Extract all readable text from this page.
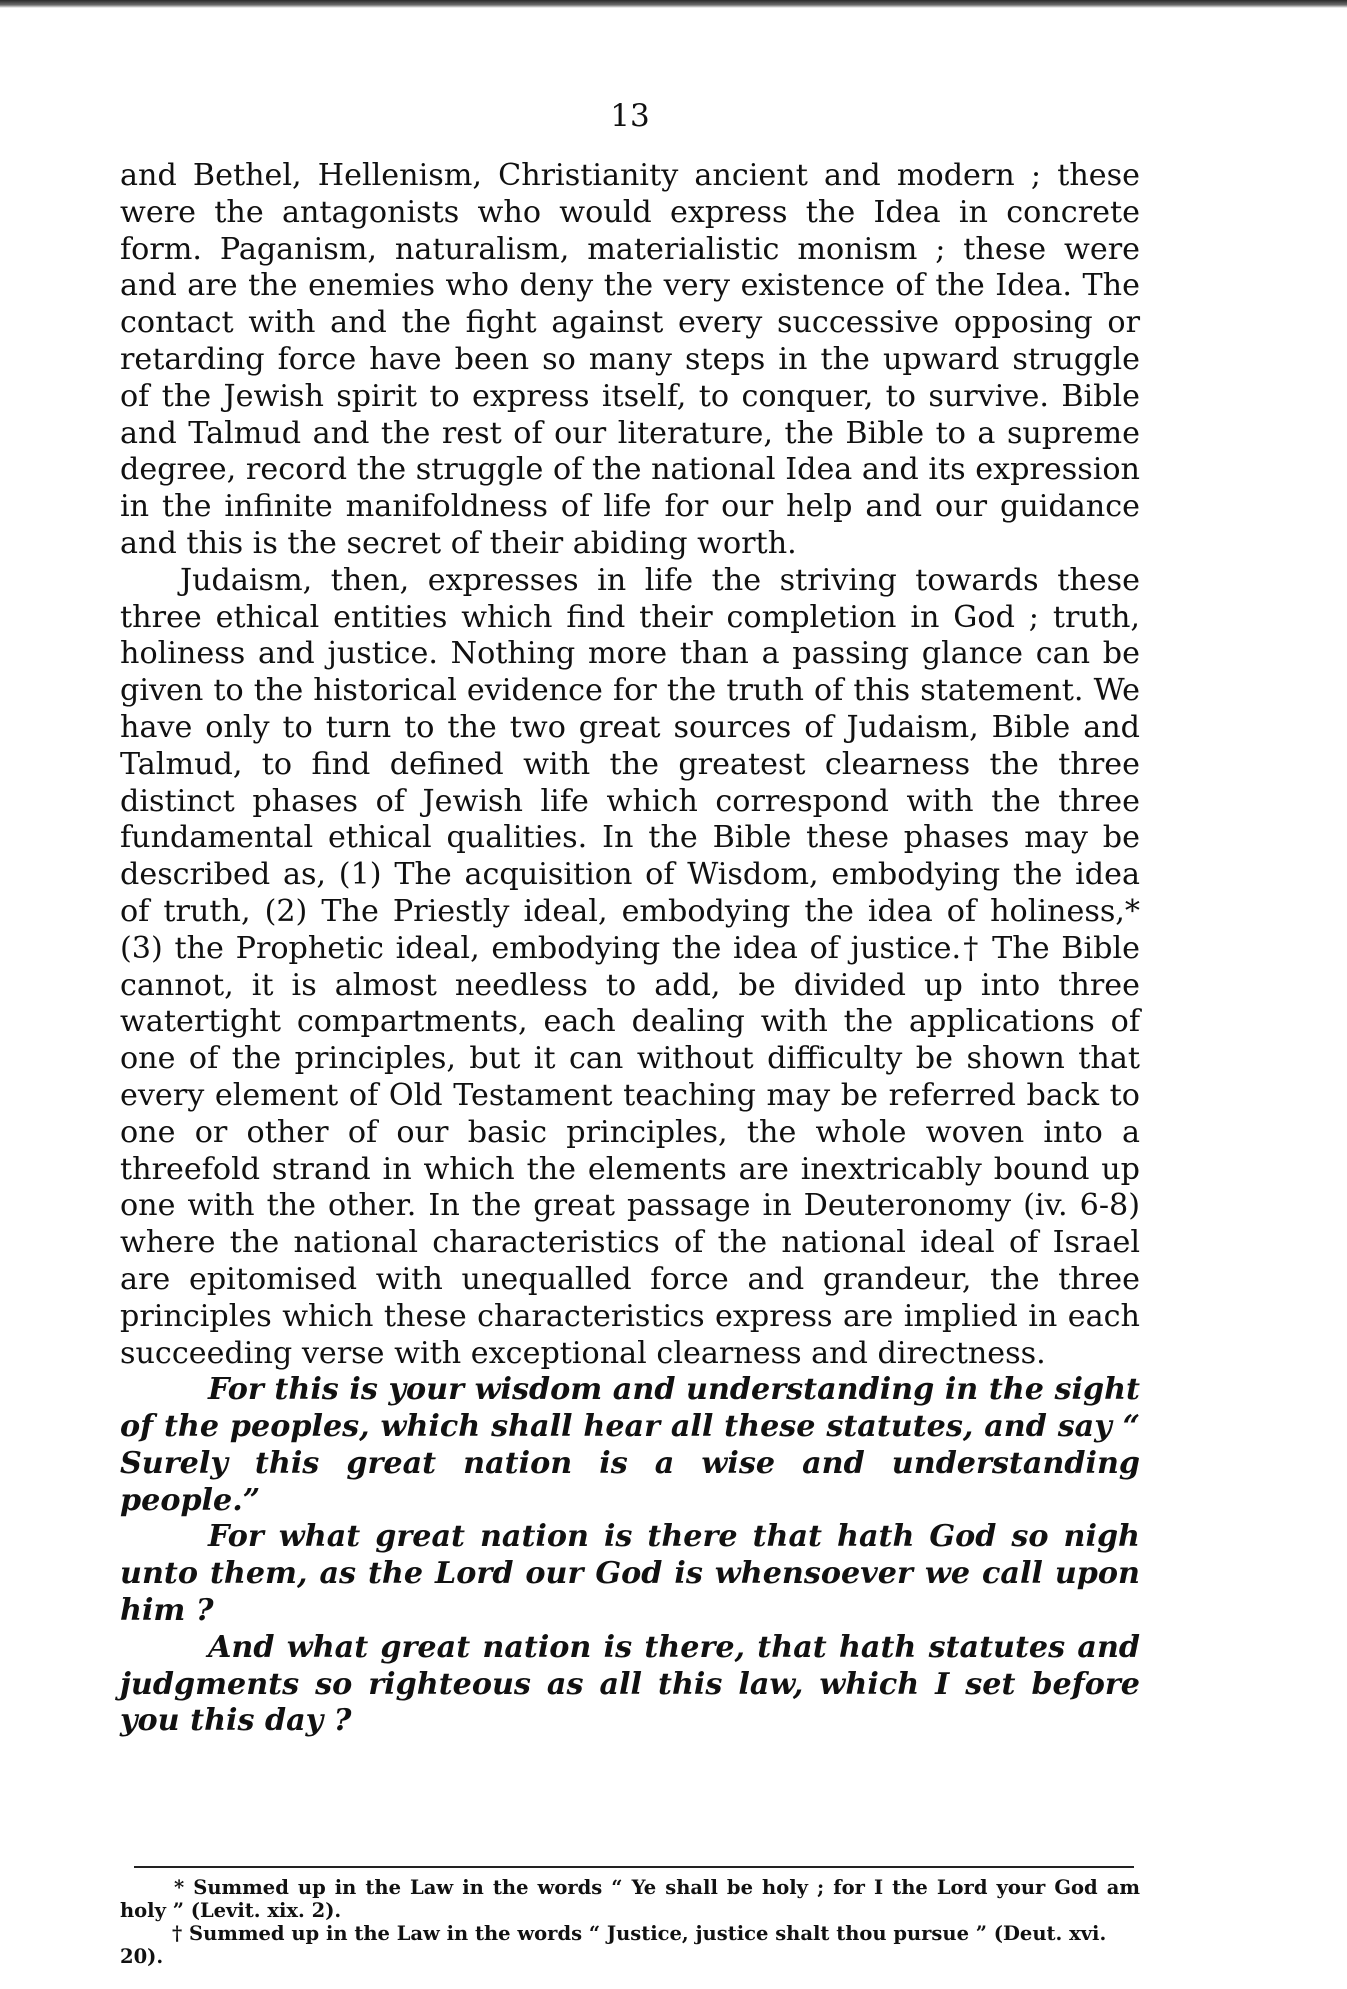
13

and Bethel, Hellenism, Christianity ancient and modern ; these were the antagonists who would express the Idea in concrete form. Paganism, naturalism, materialistic monism ; these were and are the enemies who deny the very existence of the Idea. The contact with and the fight against every successive opposing or retarding force have been so many steps in the upward struggle of the Jewish spirit to express itself, to conquer, to survive. Bible and Talmud and the rest of our literature, the Bible to a supreme degree, record the struggle of the national Idea and its expression in the infinite manifoldness of life for our help and our guidance and this is the secret of their abiding worth.

Judaism, then, expresses in life the striving towards these three ethical entities which find their completion in God ; truth, holiness and justice. Nothing more than a passing glance can be given to the historical evidence for the truth of this statement. We have only to turn to the two great sources of Judaism, Bible and Talmud, to find defined with the greatest clearness the three distinct phases of Jewish life which correspond with the three fundamental ethical qualities. In the Bible these phases may be described as, (1) The acquisition of Wisdom, embodying the idea of truth, (2) The Priestly ideal, embodying the idea of holiness,* (3) the Prophetic ideal, embodying the idea of justice.† The Bible cannot, it is almost needless to add, be divided up into three watertight compartments, each dealing with the applications of one of the principles, but it can without difficulty be shown that every element of Old Testament teaching may be referred back to one or other of our basic principles, the whole woven into a threefold strand in which the elements are inextricably bound up one with the other. In the great passage in Deuteronomy (iv. 6-8) where the national characteristics of the national ideal of Israel are epitomised with unequalled force and grandeur, the three principles which these characteristics express are implied in each succeeding verse with exceptional clearness and directness.

For this is your wisdom and understanding in the sight of the peoples, which shall hear all these statutes, and say “ Surely this great nation is a wise and understanding people.”

For what great nation is there that hath God so nigh unto them, as the Lord our God is whensoever we call upon him ?

And what great nation is there, that hath statutes and judgments so righteous as all this law, which I set before you this day ?

* Summed up in the Law in the words “ Ye shall be holy ; for I the Lord your God am holy ” (Levit. xix. 2).

† Summed up in the Law in the words “ Justice, justice shalt thou pursue ” (Deut. xvi. 20).
